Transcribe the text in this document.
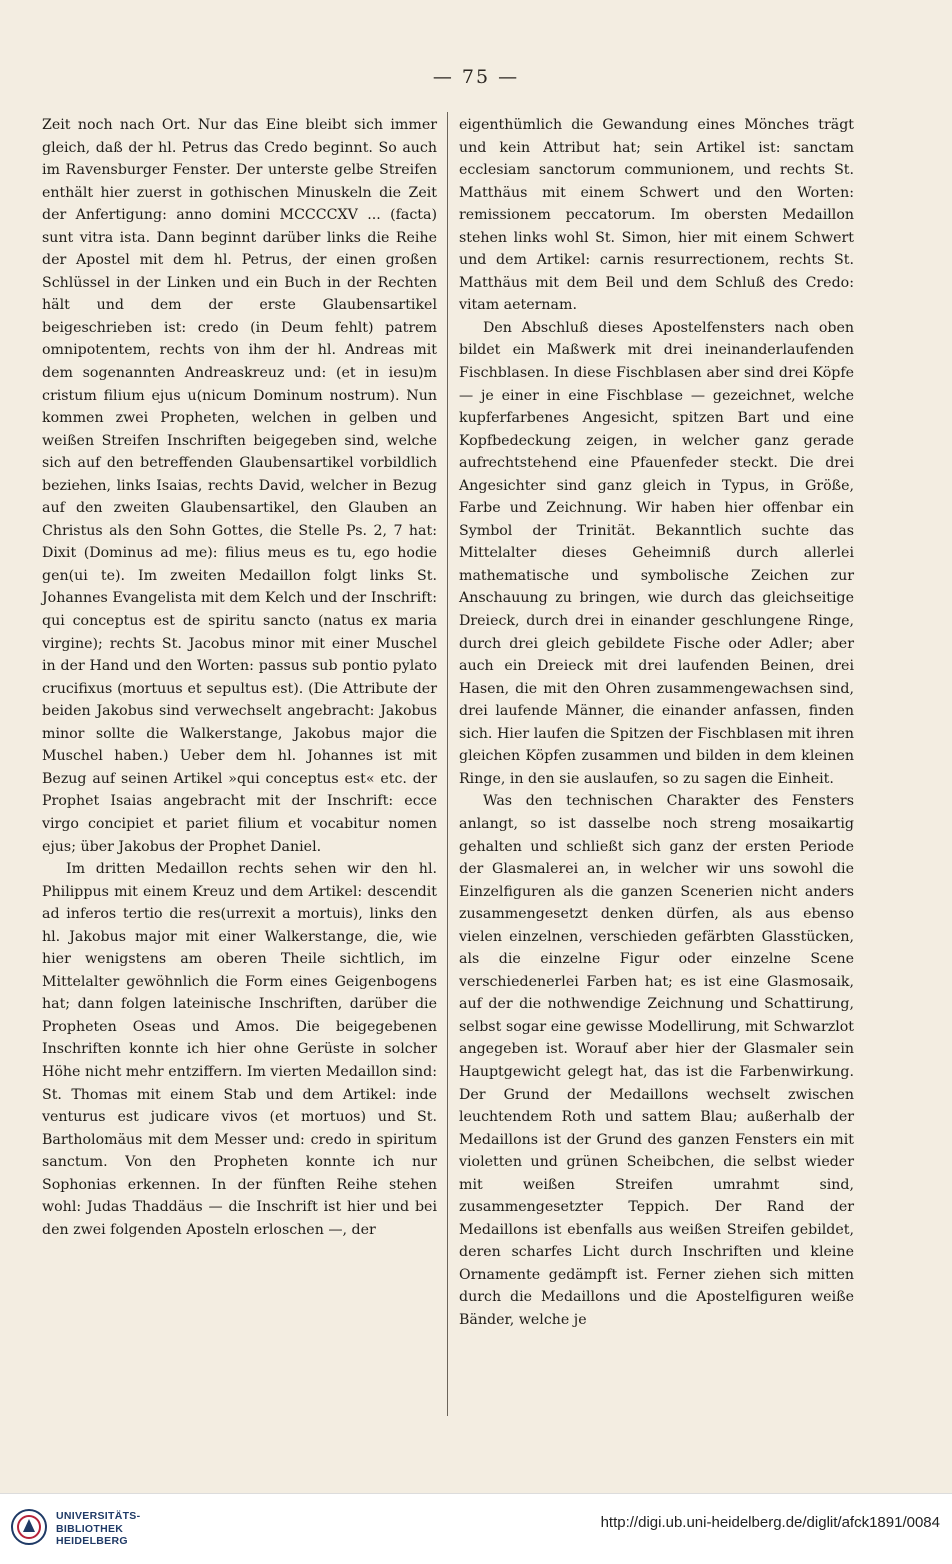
— 75 —

Zeit noch nach Ort. Nur das Eine bleibt sich immer gleich, daß der hl. Petrus das Credo beginnt. So auch im Ravensburger Fenster. Der unterste gelbe Streifen enthält hier zuerst in gothischen Minuskeln die Zeit der Anfertigung: anno domini MCCCCXV ... (facta) sunt vitra ista. Dann beginnt darüber links die Reihe der Apostel mit dem hl. Petrus, der einen großen Schlüssel in der Linken und ein Buch in der Rechten hält und dem der erste Glaubensartikel beigeschrieben ist: credo (in Deum fehlt) patrem omnipotentem, rechts von ihm der hl. Andreas mit dem sogenannten Andreaskreuz und: (et in iesu)m cristum filium ejus u(nicum Dominum nostrum). Nun kommen zwei Propheten, welchen in gelben und weißen Streifen Inschriften beigegeben sind, welche sich auf den betreffenden Glaubensartikel vorbildlich beziehen, links Isaias, rechts David, welcher in Bezug auf den zweiten Glaubensartikel, den Glauben an Christus als den Sohn Gottes, die Stelle Ps. 2, 7 hat: Dixit (Dominus ad me): filius meus es tu, ego hodie gen(ui te). Im zweiten Medaillon folgt links St. Johannes Evangelista mit dem Kelch und der Inschrift: qui conceptus est de spiritu sancto (natus ex maria virgine); rechts St. Jacobus minor mit einer Muschel in der Hand und den Worten: passus sub pontio pylato crucifixus (mortuus et sepultus est). (Die Attribute der beiden Jakobus sind verwechselt angebracht: Jakobus minor sollte die Walkerstange, Jakobus major die Muschel haben.) Ueber dem hl. Johannes ist mit Bezug auf seinen Artikel »qui conceptus est« etc. der Prophet Isaias angebracht mit der Inschrift: ecce virgo concipiet et pariet filium et vocabitur nomen ejus; über Jakobus der Prophet Daniel.

Im dritten Medaillon rechts sehen wir den hl. Philippus mit einem Kreuz und dem Artikel: descendit ad inferos tertio die res(urrexit a mortuis), links den hl. Jakobus major mit einer Walkerstange, die, wie hier wenigstens am oberen Theile sichtlich, im Mittelalter gewöhnlich die Form eines Geigenbogens hat; dann folgen lateinische Inschriften, darüber die Propheten Oseas und Amos. Die beigegebenen Inschriften konnte ich hier ohne Gerüste in solcher Höhe nicht mehr entziffern. Im vierten Medaillon sind: St. Thomas mit einem Stab und dem Artikel: inde venturus est judicare vivos (et mortuos) und St. Bartholomäus mit dem Messer und: credo in spiritum sanctum. Von den Propheten konnte ich nur Sophonias erkennen. In der fünften Reihe stehen wohl: Judas Thaddäus — die Inschrift ist hier und bei den zwei folgenden Aposteln erloschen —, der

eigenthümlich die Gewandung eines Mönches trägt und kein Attribut hat; sein Artikel ist: sanctam ecclesiam sanctorum communionem, und rechts St. Matthäus mit einem Schwert und den Worten: remissionem peccatorum. Im obersten Medaillon stehen links wohl St. Simon, hier mit einem Schwert und dem Artikel: carnis resurrectionem, rechts St. Matthäus mit dem Beil und dem Schluß des Credo: vitam aeternam.

Den Abschluß dieses Apostelfensters nach oben bildet ein Maßwerk mit drei ineinanderlaufenden Fischblasen. In diese Fischblasen aber sind drei Köpfe — je einer in eine Fischblase — gezeichnet, welche kupferfarbenes Angesicht, spitzen Bart und eine Kopfbedeckung zeigen, in welcher ganz gerade aufrechtstehend eine Pfauenfeder steckt. Die drei Angesichter sind ganz gleich in Typus, in Größe, Farbe und Zeichnung. Wir haben hier offenbar ein Symbol der Trinität. Bekanntlich suchte das Mittelalter dieses Geheimniß durch allerlei mathematische und symbolische Zeichen zur Anschauung zu bringen, wie durch das gleichseitige Dreieck, durch drei in einander geschlungene Ringe, durch drei gleich gebildete Fische oder Adler; aber auch ein Dreieck mit drei laufenden Beinen, drei Hasen, die mit den Ohren zusammengewachsen sind, drei laufende Männer, die einander anfassen, finden sich. Hier laufen die Spitzen der Fischblasen mit ihren gleichen Köpfen zusammen und bilden in dem kleinen Ringe, in den sie auslaufen, so zu sagen die Einheit.

Was den technischen Charakter des Fensters anlangt, so ist dasselbe noch streng mosaikartig gehalten und schließt sich ganz der ersten Periode der Glasmalerei an, in welcher wir uns sowohl die Einzelfiguren als die ganzen Scenerien nicht anders zusammengesetzt denken dürfen, als aus ebenso vielen einzelnen, verschieden gefärbten Glasstücken, als die einzelne Figur oder einzelne Scene verschiedenerlei Farben hat; es ist eine Glasmosaik, auf der die nothwendige Zeichnung und Schattirung, selbst sogar eine gewisse Modellirung, mit Schwarzlot angegeben ist. Worauf aber hier der Glasmaler sein Hauptgewicht gelegt hat, das ist die Farbenwirkung. Der Grund der Medaillons wechselt zwischen leuchtendem Roth und sattem Blau; außerhalb der Medaillons ist der Grund des ganzen Fensters ein mit violetten und grünen Scheibchen, die selbst wieder mit weißen Streifen umrahmt sind, zusammengesetzter Teppich. Der Rand der Medaillons ist ebenfalls aus weißen Streifen gebildet, deren scharfes Licht durch Inschriften und kleine Ornamente gedämpft ist. Ferner ziehen sich mitten durch die Medaillons und die Apostelfiguren weiße Bänder, welche je

UNIVERSITÄTS-
BIBLIOTHEK
HEIDELBERG
http://digi.ub.uni-heidelberg.de/diglit/afck1891/0084
